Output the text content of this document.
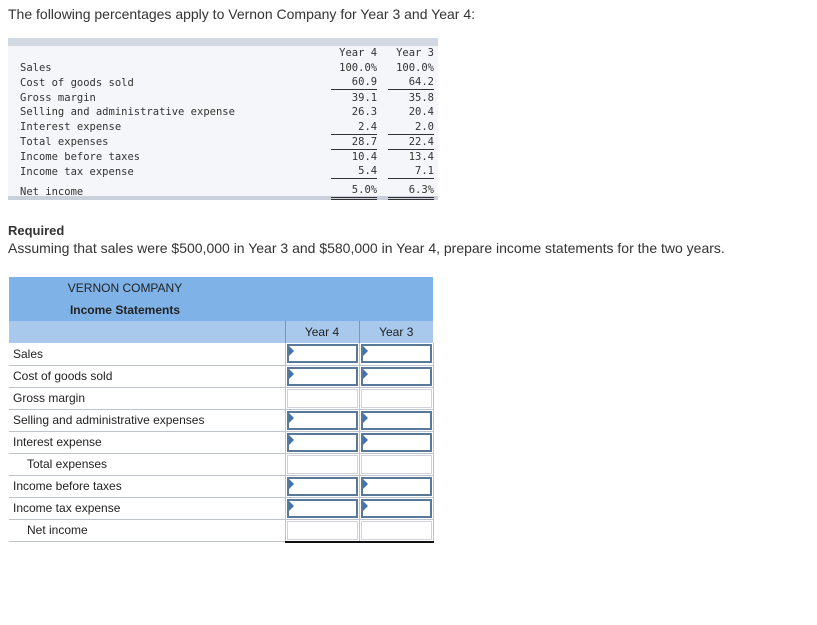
The following percentages apply to Vernon Company for Year 3 and Year 4:
	Year 4	Year 3
Sales	100.0%	100.0%
Cost of goods sold	60.9	64.2
Gross margin	39.1	35.8
Selling and administrative expense	26.3	20.4
Interest expense	2.4	2.0
Total expenses	28.7	22.4
Income before taxes	10.4	13.4
Income tax expense	5.4	7.1

Net income	5.0%	6.3%
Required
Assuming that sales were $500,000 in Year 3 and $580,000 in Year 4, prepare income statements for the two years.
VERNON COMPANY		
Income Statements		
	Year 4	Year 3
Sales	

Cost of goods sold	

Gross margin	

Selling and administrative expenses	

Interest expense	

Total expenses	

Income before taxes	

Income tax expense	

Net income	
